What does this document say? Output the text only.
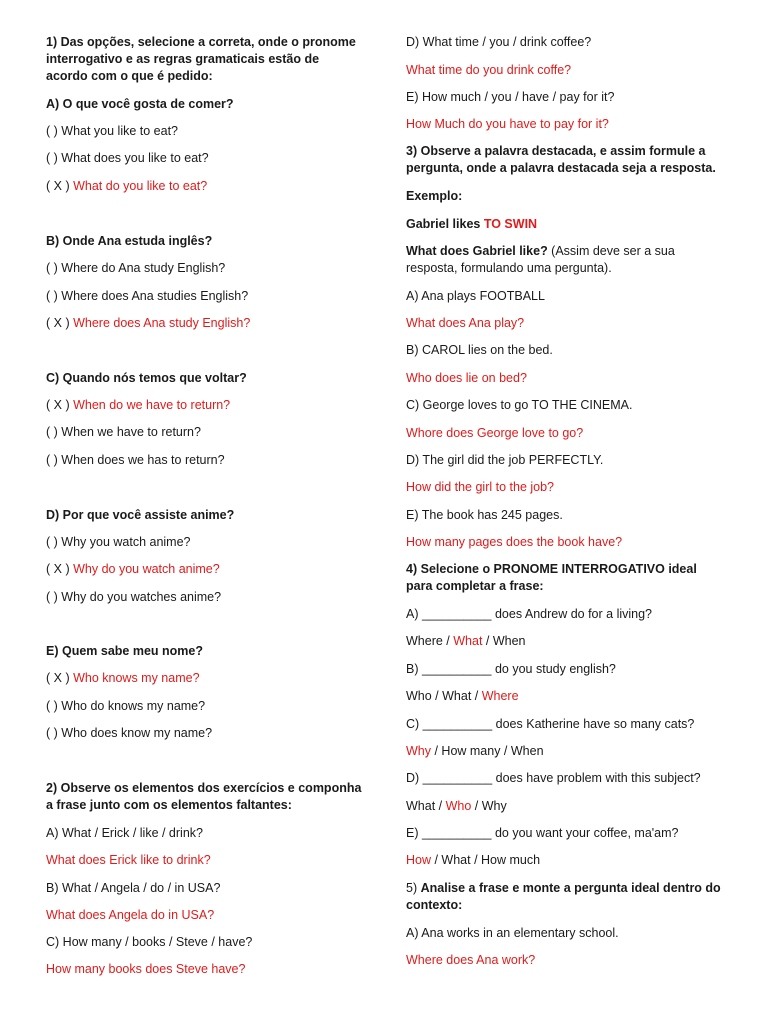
1) Das opções, selecione a correta, onde o pronome interrogativo e as regras gramaticais estão de acordo com o que é pedido:
A) O que você gosta de comer?
( ) What you like to eat?
( ) What does you like to eat?
( X ) What do you like to eat?
B) Onde Ana estuda inglês?
( ) Where do Ana study English?
( ) Where does Ana studies English?
( X ) Where does Ana study English?
C) Quando nós temos que voltar?
( X ) When do we have to return?
( ) When we have to return?
( ) When does we has to return?
D) Por que você assiste anime?
( ) Why you watch anime?
( X ) Why do you watch anime?
( ) Why do you watches anime?
E) Quem sabe meu nome?
( X ) Who knows my name?
( ) Who do knows my name?
( ) Who does know my name?
2) Observe os elementos dos exercícios e componha a frase junto com os elementos faltantes:
A) What / Erick / like / drink?
What does Erick like to drink?
B) What / Angela / do / in USA?
What does Angela do in USA?
C) How many / books / Steve / have?
How many books does Steve have?
D) What time / you / drink coffee?
What time do you drink coffe?
E) How much / you / have / pay for it?
How Much do you have to pay for it?
3) Observe a palavra destacada, e assim formule a pergunta, onde a palavra destacada seja a resposta.
Exemplo:
Gabriel likes TO SWIN
What does Gabriel like? (Assim deve ser a sua resposta, formulando uma pergunta).
A) Ana plays FOOTBALL
What does Ana play?
B) CAROL lies on the bed.
Who does lie on bed?
C) George loves to go TO THE CINEMA.
Whore does George love to go?
D) The girl did the job PERFECTLY.
How did the girl to the job?
E) The book has 245 pages.
How many pages does the book have?
4) Selecione o PRONOME INTERROGATIVO ideal para completar a frase:
A) __________ does Andrew do for a living?
Where / What / When
B) __________ do you study english?
Who / What / Where
C) __________ does Katherine have so many cats?
Why / How many / When
D) __________ does have problem with this subject?
What / Who / Why
E) __________ do you want your coffee, ma'am?
How / What / How much
5) Analise a frase e monte a pergunta ideal dentro do contexto:
A) Ana works in an elementary school.
Where does Ana work?
